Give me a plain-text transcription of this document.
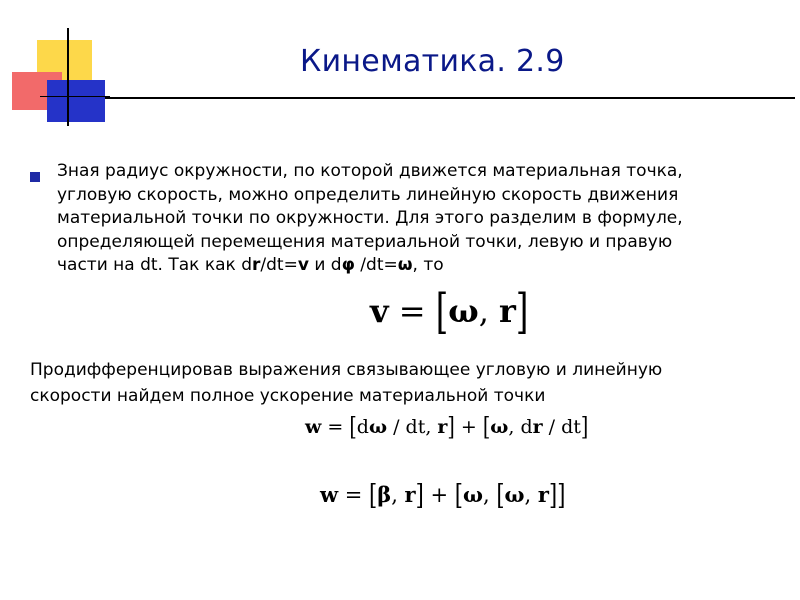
Кинематика. 2.9
Зная радиус окружности, по которой движется материальная точка,
угловую скорость, можно определить линейную скорость движения
материальной точки по окружности. Для этого разделим в формуле,
определяющей перемещения материальной точки, левую и правую
части на dt. Так как dr/dt=v и dφ /dt=ω, то
v = [ω, r]
Продифференцировав выражения связывающее угловую и линейную
скорости найдем полное ускорение материальной точки
w = [dω / dt, r] + [ω, dr / dt]
w = [β, r] + [ω, [ω, r]]
